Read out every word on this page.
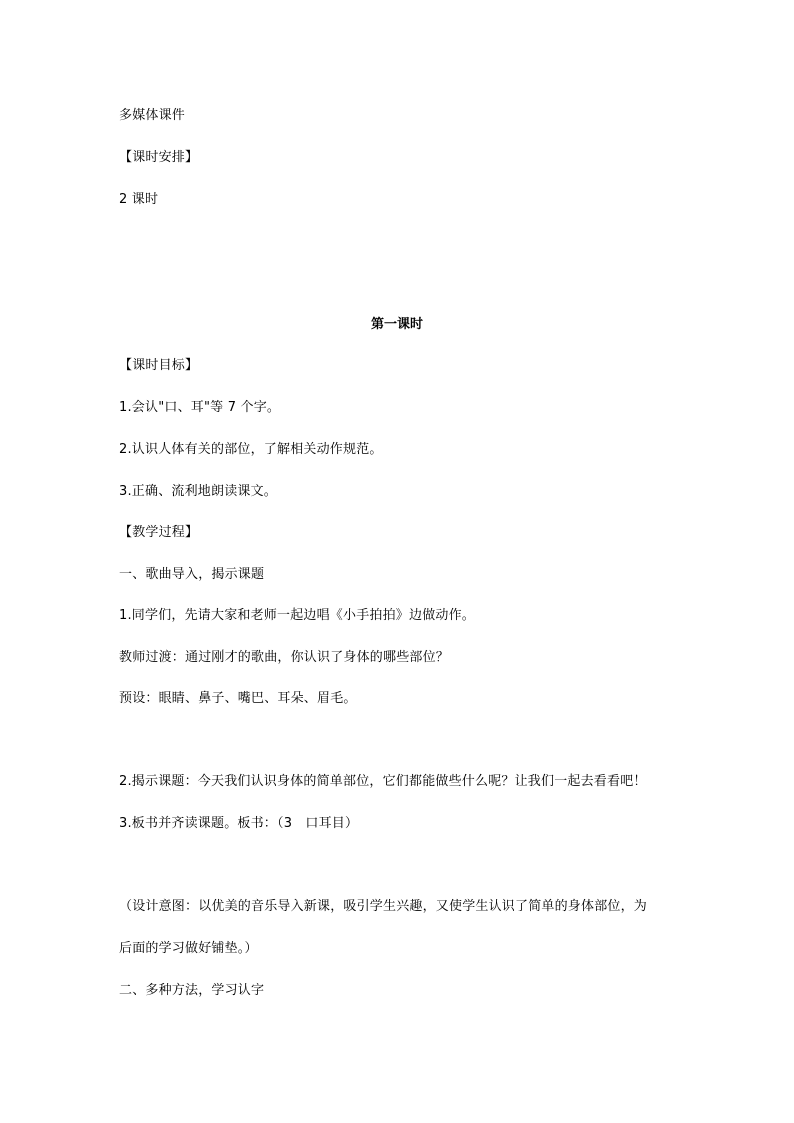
多媒体课件
【课时安排】
2 课时
第一课时
【课时目标】
1.会认"口、耳"等 7 个字。
2.认识人体有关的部位，了解相关动作规范。
3.正确、流利地朗读课文。
【教学过程】
一、歌曲导入，揭示课题
1.同学们，先请大家和老师一起边唱《小手拍拍》边做动作。
教师过渡：通过刚才的歌曲，你认识了身体的哪些部位？
预设：眼睛、鼻子、嘴巴、耳朵、眉毛。
2.揭示课题：今天我们认识身体的简单部位，它们都能做些什么呢？让我们一起去看看吧！
3.板书并齐读课题。板书：（3　口耳目）
（设计意图：以优美的音乐导入新课，吸引学生兴趣，又使学生认识了简单的身体部位，为
后面的学习做好铺垫。）
二、多种方法，学习认字
